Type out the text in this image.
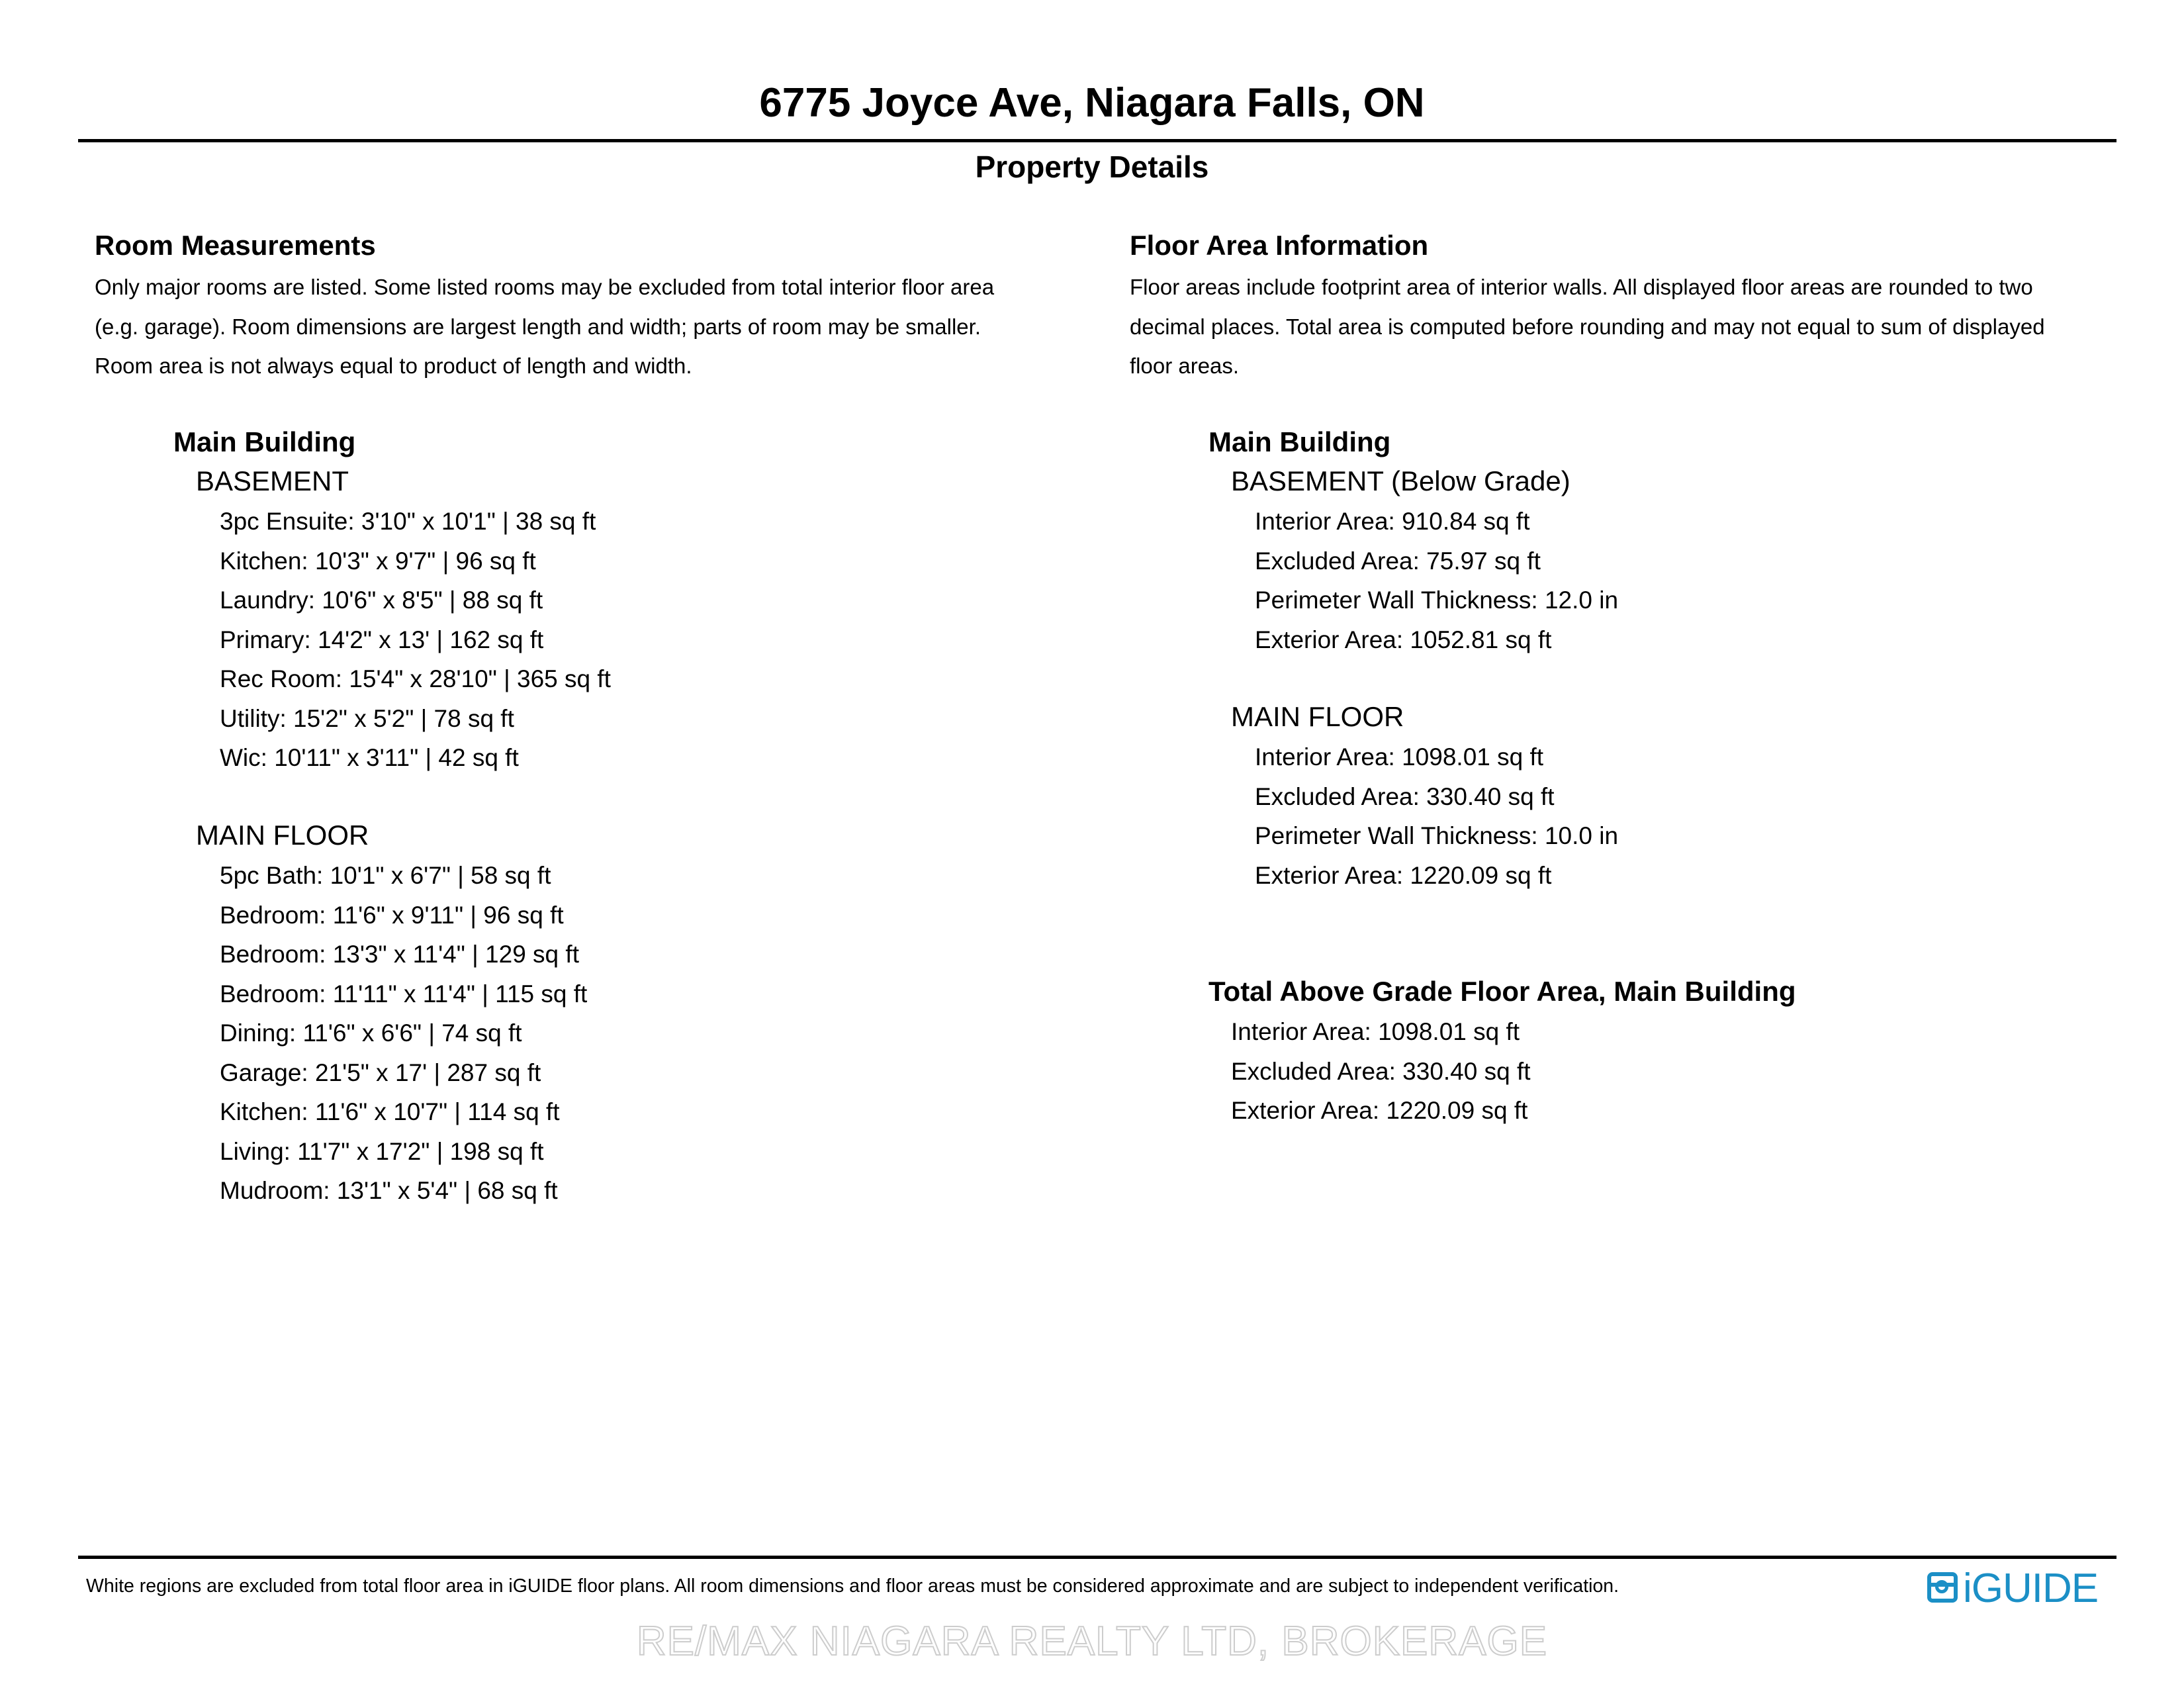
6775 Joyce Ave, Niagara Falls, ON
Property Details
Room Measurements
Only major rooms are listed. Some listed rooms may be excluded from total interior floor area
(e.g. garage). Room dimensions are largest length and width; parts of room may be smaller.
Room area is not always equal to product of length and width.
Main Building
BASEMENT
3pc Ensuite: 3'10" x 10'1" | 38 sq ft
Kitchen: 10'3" x 9'7" | 96 sq ft
Laundry: 10'6" x 8'5" | 88 sq ft
Primary: 14'2" x 13' | 162 sq ft
Rec Room: 15'4" x 28'10" | 365 sq ft
Utility: 15'2" x 5'2" | 78 sq ft
Wic: 10'11" x 3'11" | 42 sq ft
MAIN FLOOR
5pc Bath: 10'1" x 6'7" | 58 sq ft
Bedroom: 11'6" x 9'11" | 96 sq ft
Bedroom: 13'3" x 11'4" | 129 sq ft
Bedroom: 11'11" x 11'4" | 115 sq ft
Dining: 11'6" x 6'6" | 74 sq ft
Garage: 21'5" x 17' | 287 sq ft
Kitchen: 11'6" x 10'7" | 114 sq ft
Living: 11'7" x 17'2" | 198 sq ft
Mudroom: 13'1" x 5'4" | 68 sq ft
Floor Area Information
Floor areas include footprint area of interior walls. All displayed floor areas are rounded to two
decimal places. Total area is computed before rounding and may not equal to sum of displayed
floor areas.
Main Building
BASEMENT (Below Grade)
Interior Area: 910.84 sq ft
Excluded Area: 75.97 sq ft
Perimeter Wall Thickness: 12.0 in
Exterior Area: 1052.81 sq ft
MAIN FLOOR
Interior Area: 1098.01 sq ft
Excluded Area: 330.40 sq ft
Perimeter Wall Thickness: 10.0 in
Exterior Area: 1220.09 sq ft
Total Above Grade Floor Area, Main Building
Interior Area: 1098.01 sq ft
Excluded Area: 330.40 sq ft
Exterior Area: 1220.09 sq ft
White regions are excluded from total floor area in iGUIDE floor plans. All room dimensions and floor areas must be considered approximate and are subject to independent verification.	iGUIDE
RE/MAX NIAGARA REALTY LTD, BROKERAGE
